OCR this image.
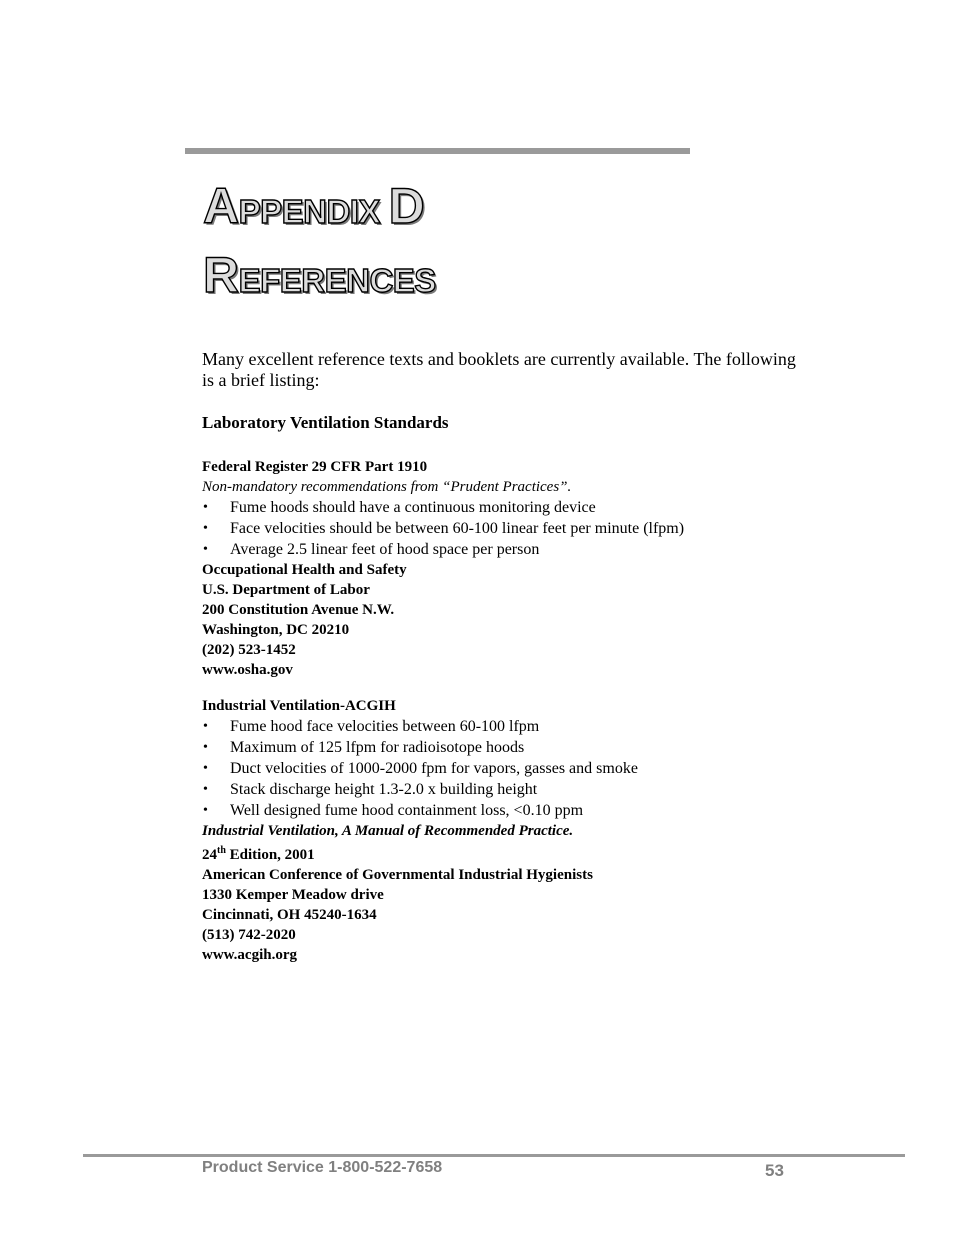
APPENDIX D
REFERENCES

Many excellent reference texts and booklets are currently available. The following is a brief listing:

Laboratory Ventilation Standards

Federal Register 29 CFR Part 1910
Non-mandatory recommendations from “Prudent Practices”.
• Fume hoods should have a continuous monitoring device
• Face velocities should be between 60-100 linear feet per minute (lfpm)
• Average 2.5 linear feet of hood space per person
Occupational Health and Safety
U.S. Department of Labor
200 Constitution Avenue N.W.
Washington, DC 20210
(202) 523-1452
www.osha.gov
Industrial Ventilation-ACGIH
• Fume hood face velocities between 60-100 lfpm
• Maximum of 125 lfpm for radioisotope hoods
• Duct velocities of 1000-2000 fpm for vapors, gasses and smoke
• Stack discharge height 1.3-2.0 x building height
• Well designed fume hood containment loss, <0.10 ppm
Industrial Ventilation, A Manual of Recommended Practice.
24th Edition, 2001
American Conference of Governmental Industrial Hygienists
1330 Kemper Meadow drive
Cincinnati, OH 45240-1634
(513) 742-2020
www.acgih.org
Product Service 1-800-522-7658	53
